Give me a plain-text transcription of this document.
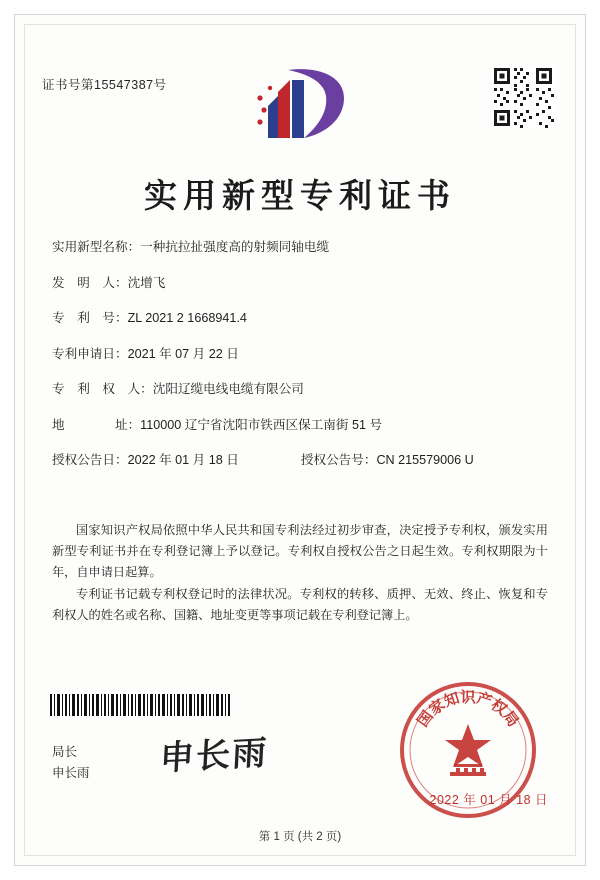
证书号第15547387号
实用新型专利证书
实用新型名称：一种抗拉扯强度高的射频同轴电缆
发　明　人：沈增飞
专　利　号：ZL 2021 2 1668941.4
专利申请日：2021 年 07 月 22 日
专　利　权　人：沈阳辽缆电线电缆有限公司
地　　　　址：110000 辽宁省沈阳市铁西区保工南街 51 号
授权公告日：2022 年 01 月 18 日	授权公告号：CN 215579006 U
国家知识产权局依照中华人民共和国专利法经过初步审查，决定授予专利权，颁发实用新型专利证书并在专利登记簿上予以登记。专利权自授权公告之日起生效。专利权期限为十年，自申请日起算。
专利证书记载专利权登记时的法律状况。专利权的转移、质押、无效、终止、恢复和专利权人的姓名或名称、国籍、地址变更等事项记载在专利登记簿上。
国家知识产权局
局长
申长雨 申长雨
2022 年 01 月 18 日
第 1 页 (共 2 页)
